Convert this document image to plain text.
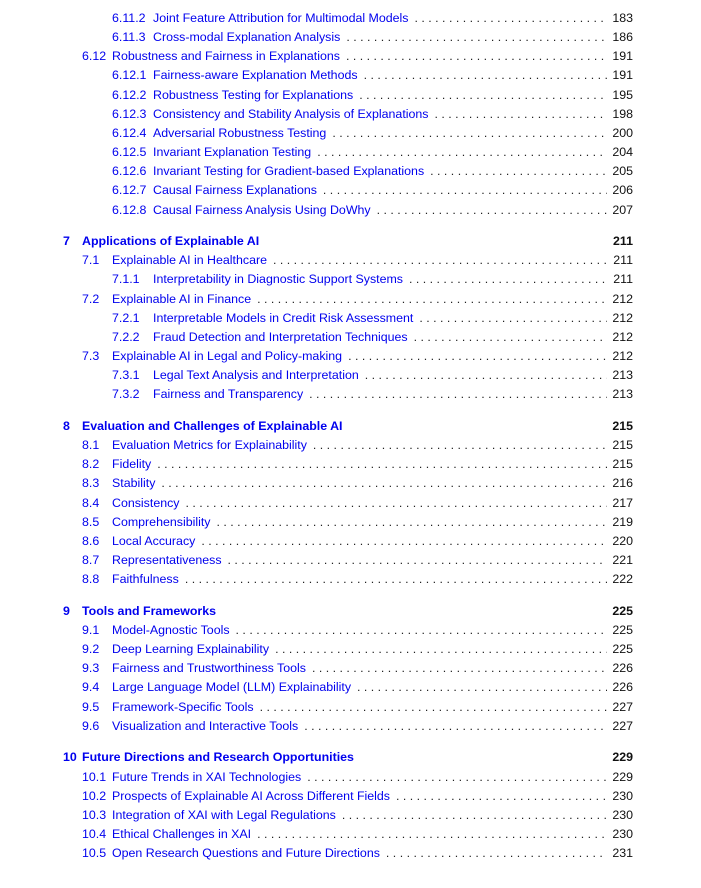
6.11.2 Joint Feature Attribution for Multimodal Models . . .	183
6.11.3 Cross-modal Explanation Analysis . . .	186
6.12 Robustness and Fairness in Explanations . . .	191
6.12.1 Fairness-aware Explanation Methods . . .	191
6.12.2 Robustness Testing for Explanations . . .	195
6.12.3 Consistency and Stability Analysis of Explanations . . .	198
6.12.4 Adversarial Robustness Testing . . .	200
6.12.5 Invariant Explanation Testing . . .	204
6.12.6 Invariant Testing for Gradient-based Explanations . . .	205
6.12.7 Causal Fairness Explanations . . .	206
6.12.8 Causal Fairness Analysis Using DoWhy . . .	207
7 Applications of Explainable AI	211
7.1	Explainable AI in Healthcare . . .	211
7.1.1	Interpretability in Diagnostic Support Systems . . .	211
7.2	Explainable AI in Finance . . .	212
7.2.1	Interpretable Models in Credit Risk Assessment . . .	212
7.2.2	Fraud Detection and Interpretation Techniques . . .	212
7.3	Explainable AI in Legal and Policy-making . . .	212
7.3.1	Legal Text Analysis and Interpretation . . .	213
7.3.2	Fairness and Transparency . . .	213
8 Evaluation and Challenges of Explainable AI	215
8.1	Evaluation Metrics for Explainability . . .	215
8.2	Fidelity . . .	215
8.3	Stability . . .	216
8.4	Consistency . . .	217
8.5	Comprehensibility . . .	219
8.6	Local Accuracy . . .	220
8.7	Representativeness . . .	221
8.8	Faithfulness . . .	222
9 Tools and Frameworks	225
9.1	Model-Agnostic Tools . . .	225
9.2	Deep Learning Explainability . . .	225
9.3	Fairness and Trustworthiness Tools . . .	226
9.4	Large Language Model (LLM) Explainability . . .	226
9.5	Framework-Specific Tools . . .	227
9.6	Visualization and Interactive Tools . . .	227
10 Future Directions and Research Opportunities	229
10.1 Future Trends in XAI Technologies . . .	229
10.2 Prospects of Explainable AI Across Different Fields . . .	230
10.3 Integration of XAI with Legal Regulations . . .	230
10.4 Ethical Challenges in XAI . . .	230
10.5 Open Research Questions and Future Directions . . .	231
